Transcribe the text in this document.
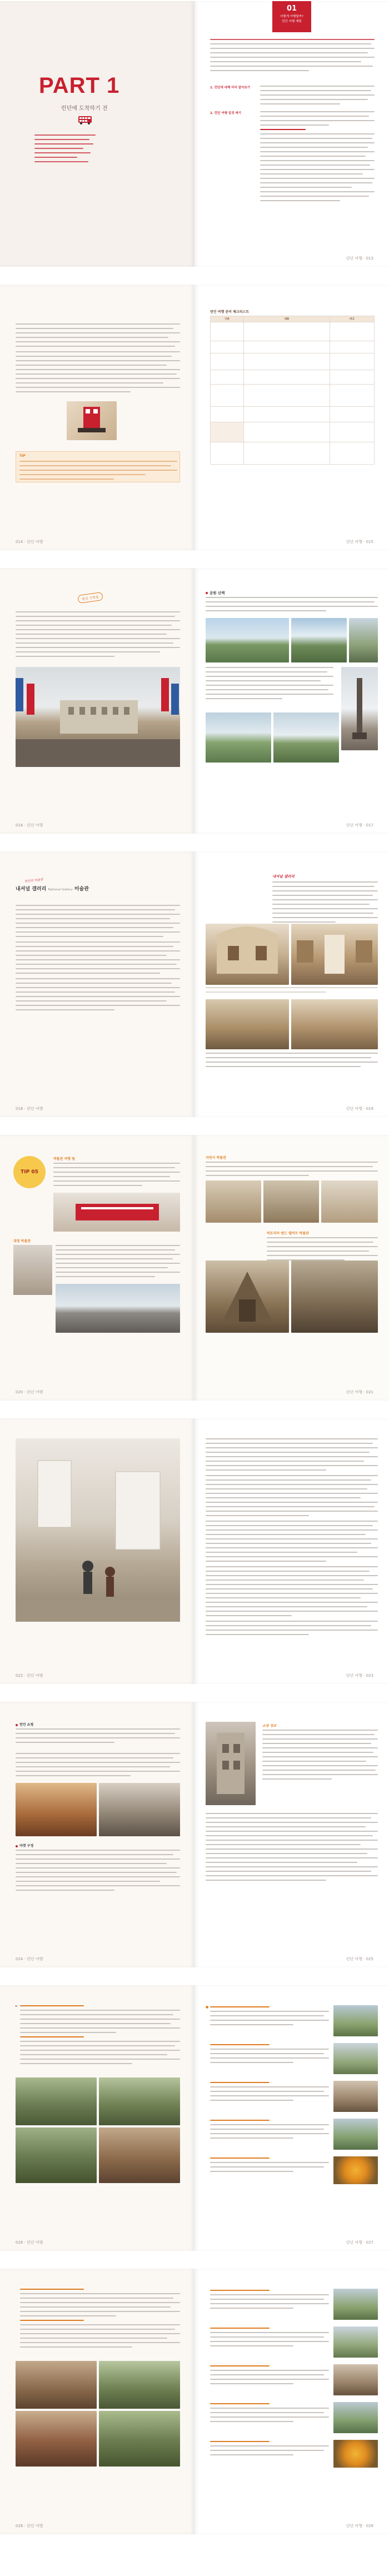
PART 1
런던에 도착하기 전
01
어떻게 여행할까?
런던 여행 계획
1. 런던에 대해 미리 알아보기
2. 런던 여행 일정 짜기
런던 여행 · 013
TIP
014 · 런던 여행
런던 여행 준비 체크리스트
구분	내용	비고

런던 여행 · 015
왕실 건축물
016 · 런던 여행
공원 산책
런던 여행 · 017
런던의 미술관
내셔널 갤러리 National Gallery 미술관
018 · 런던 여행
내셔널 갤러리
런던 여행 · 019
TIP 05
박물관 여행 팁
대영 박물관
020 · 런던 여행
자연사 박물관
빅토리아 앤드 앨버트 박물관
런던 여행 · 021
022 · 런던 여행	런던 여행 · 023
런던 쇼핑
마켓 구경
024 · 런던 여행
쇼핑 정보
런던 여행 · 025
▸
026 · 런던 여행
●
런던 여행 · 027
028 · 런던 여행	런던 여행 · 029
